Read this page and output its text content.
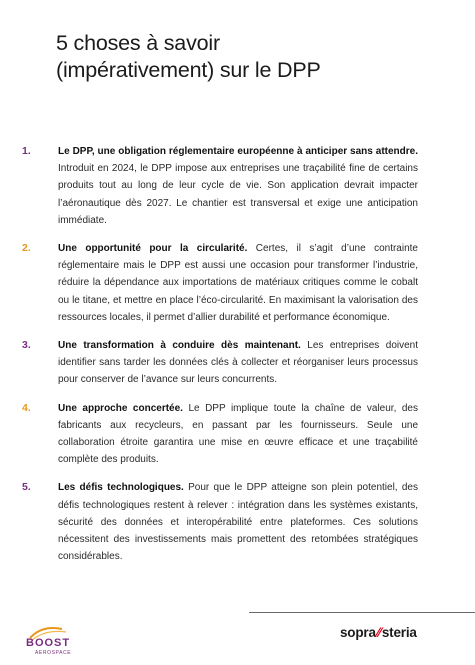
5 choses à savoir
(impérativement) sur le DPP
1.	Le DPP, une obligation réglementaire européenne à anticiper sans attendre. Introduit en 2024, le DPP impose aux entreprises une traçabilité fine de certains produits tout au long de leur cycle de vie. Son application devrait impacter l’aéronautique dès 2027. Le chantier est transversal et exige une anticipation immédiate.
2.	Une opportunité pour la circularité. Certes, il s’agit d’une contrainte réglementaire mais le DPP est aussi une occasion pour transformer l’industrie, réduire la dépendance aux importations de matériaux critiques comme le cobalt ou le titane, et mettre en place l’éco-circularité. En maximisant la valorisation des ressources locales, il permet d’allier durabilité et performance économique.
3.	Une transformation à conduire dès maintenant. Les entreprises doivent identifier sans tarder les données clés à collecter et réorganiser leurs processus pour conserver de l’avance sur leurs concurrents.
4.	Une approche concertée. Le DPP implique toute la chaîne de valeur, des fabricants aux recycleurs, en passant par les fournisseurs. Seule une collaboration étroite garantira une mise en œuvre efficace et une traçabilité complète des produits.
5.	Les défis technologiques. Pour que le DPP atteigne son plein potentiel, des défis technologiques restent à relever : intégration dans les systèmes existants, sécurité des données et interopérabilité entre plateformes. Ces solutions nécessitent des investissements mais promettent des retombées stratégiques considérables.
BOOST
AEROSPACE
sopra⁄⁄steria
